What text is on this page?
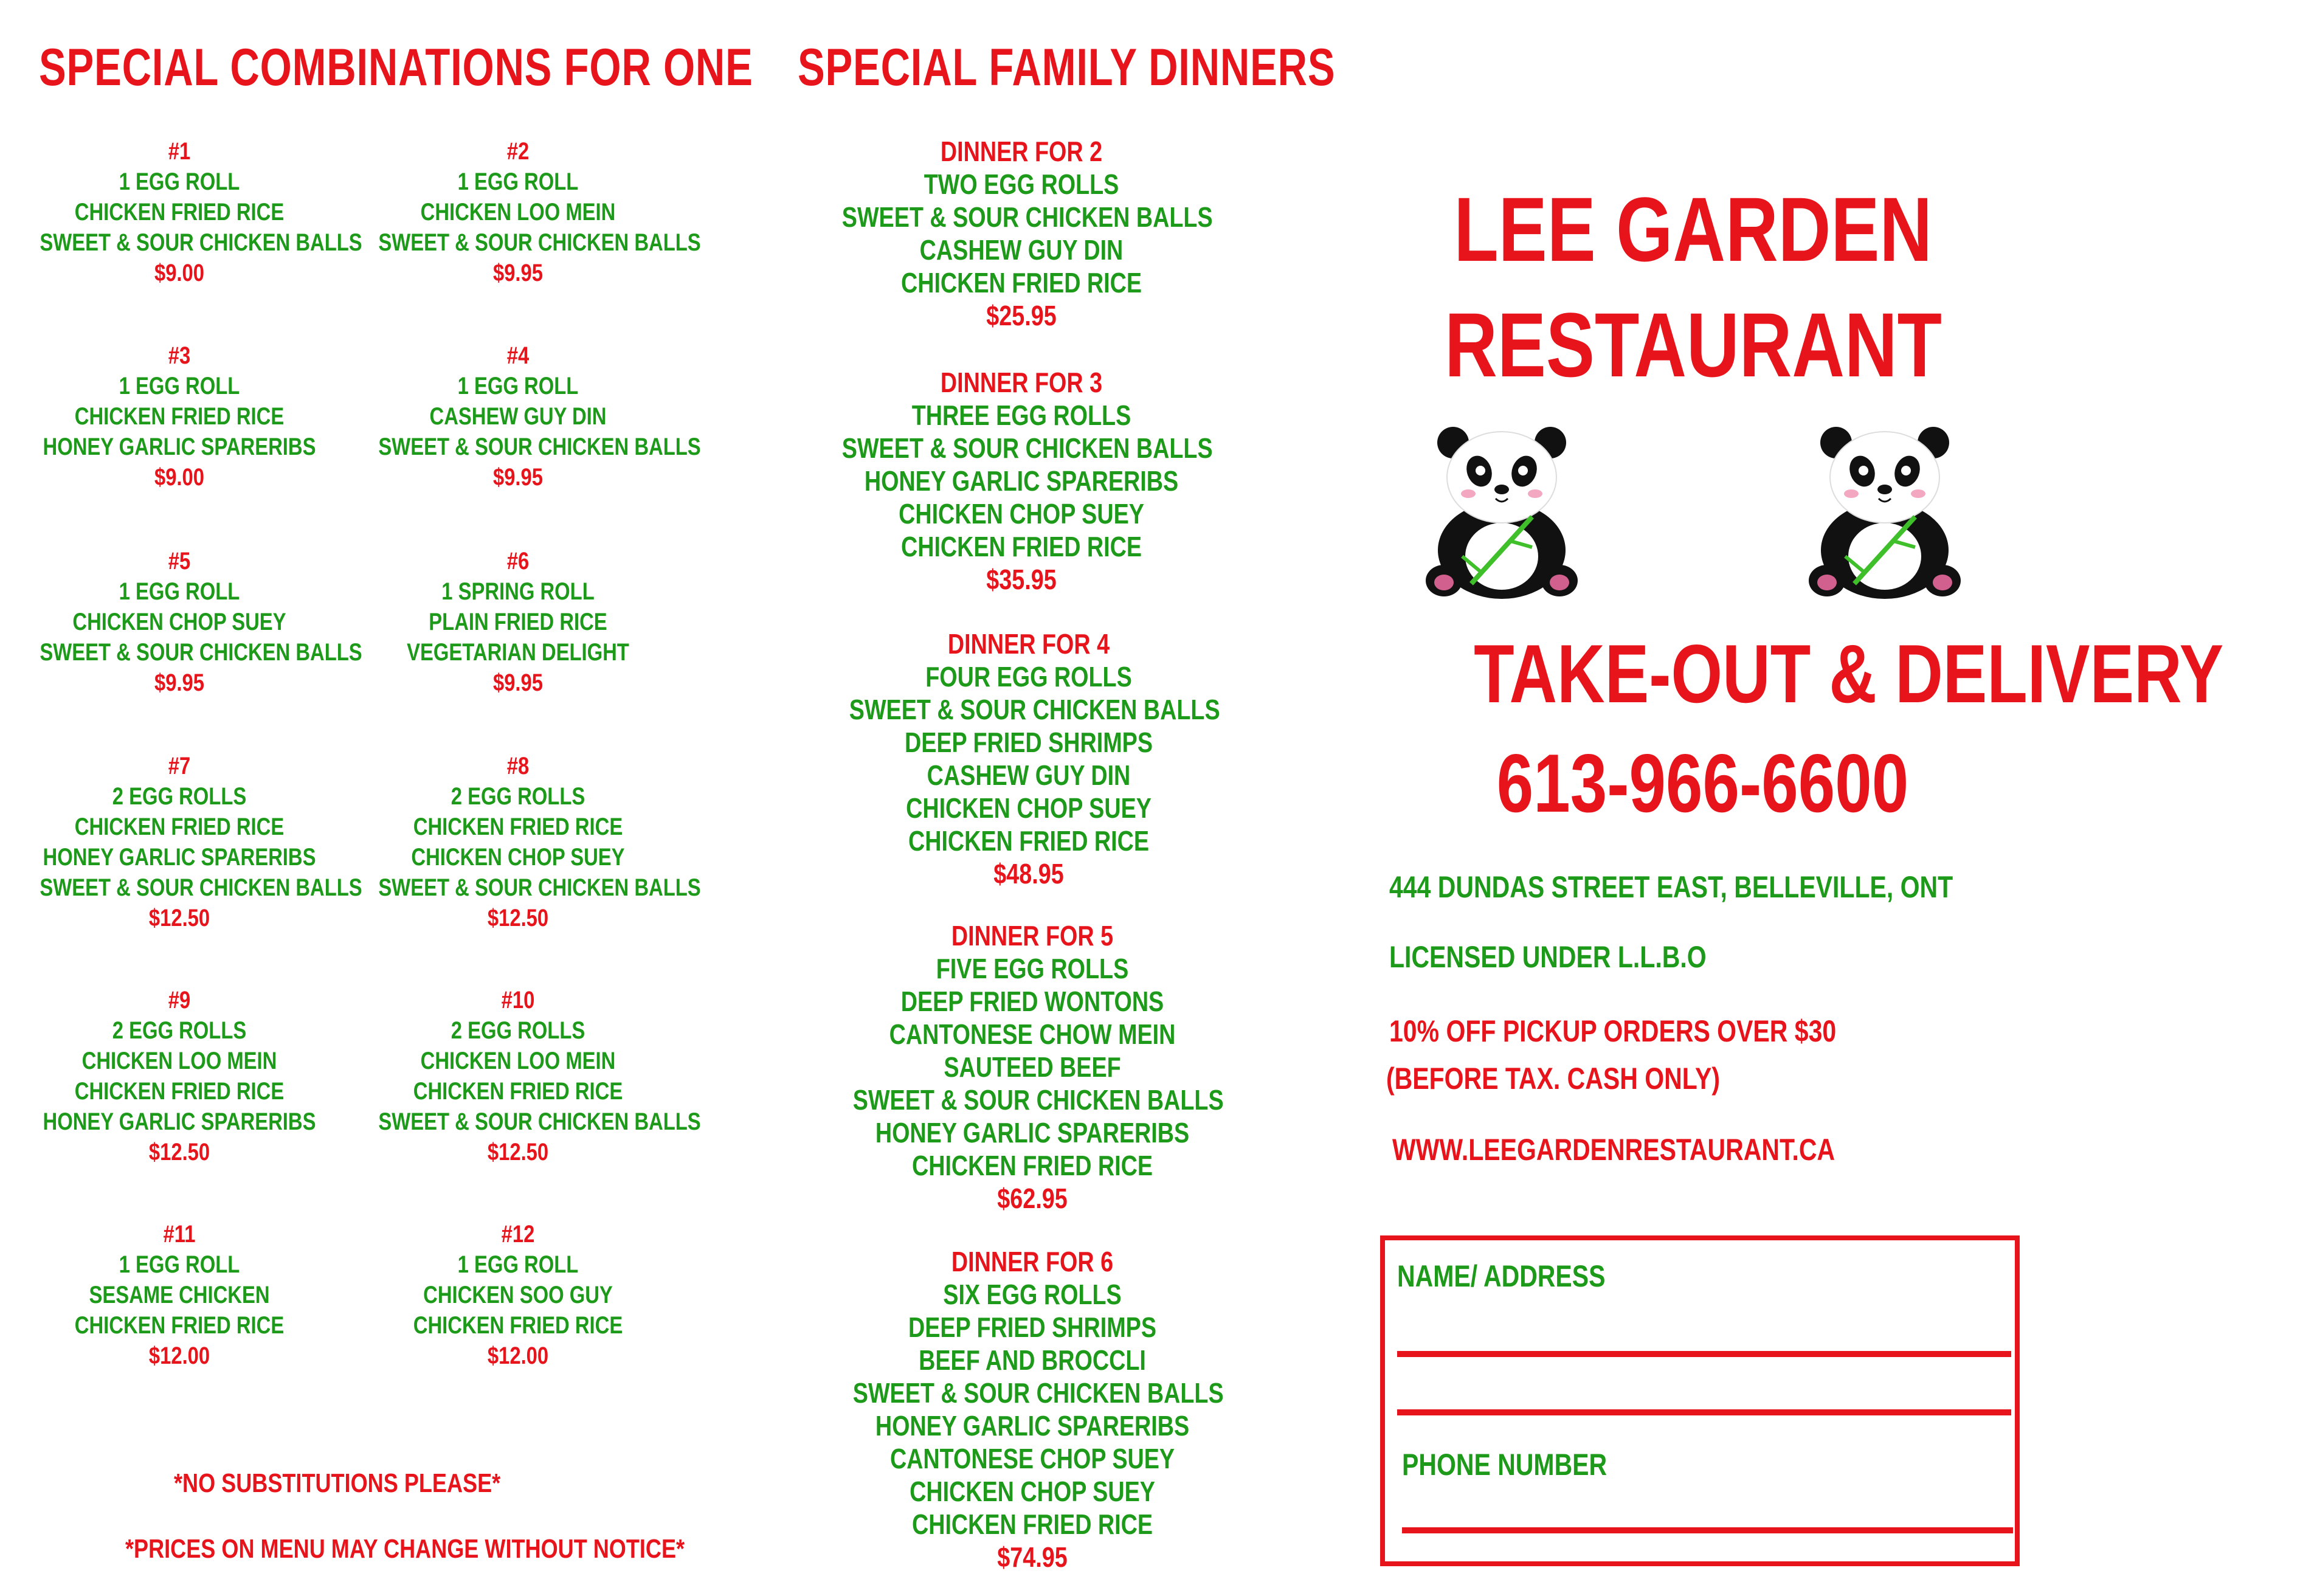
SPECIAL COMBINATIONS FOR ONE SPECIAL FAMILY DINNERS
#1
1 EGG ROLL
CHICKEN FRIED RICE
SWEET & SOUR CHICKEN BALLS
$9.00
#2
1 EGG ROLL
CHICKEN LOO MEIN
SWEET & SOUR CHICKEN BALLS
$9.95
#3
1 EGG ROLL
CHICKEN FRIED RICE
HONEY GARLIC SPARERIBS
$9.00
#4
1 EGG ROLL
CASHEW GUY DIN
SWEET & SOUR CHICKEN BALLS
$9.95
#5
1 EGG ROLL
CHICKEN CHOP SUEY
SWEET & SOUR CHICKEN BALLS
$9.95
#6
1 SPRING ROLL
PLAIN FRIED RICE
VEGETARIAN DELIGHT
$9.95
#7
2 EGG ROLLS
CHICKEN FRIED RICE
HONEY GARLIC SPARERIBS
SWEET & SOUR CHICKEN BALLS
$12.50
#8
2 EGG ROLLS
CHICKEN FRIED RICE
CHICKEN CHOP SUEY
SWEET & SOUR CHICKEN BALLS
$12.50
#9
2 EGG ROLLS
CHICKEN LOO MEIN
CHICKEN FRIED RICE
HONEY GARLIC SPARERIBS
$12.50
#10
2 EGG ROLLS
CHICKEN LOO MEIN
CHICKEN FRIED RICE
SWEET & SOUR CHICKEN BALLS
$12.50
#11
1 EGG ROLL
SESAME CHICKEN
CHICKEN FRIED RICE
$12.00
#12
1 EGG ROLL
CHICKEN SOO GUY
CHICKEN FRIED RICE
$12.00
*NO SUBSTITUTIONS PLEASE*
*PRICES ON MENU MAY CHANGE WITHOUT NOTICE*
DINNER FOR 2
TWO EGG ROLLS
SWEET & SOUR CHICKEN BALLS
CASHEW GUY DIN
CHICKEN FRIED RICE
$25.95
DINNER FOR 3
THREE EGG ROLLS
SWEET & SOUR CHICKEN BALLS
HONEY GARLIC SPARERIBS
CHICKEN CHOP SUEY
CHICKEN FRIED RICE
$35.95
DINNER FOR 4
FOUR EGG ROLLS
SWEET & SOUR CHICKEN BALLS
DEEP FRIED SHRIMPS
CASHEW GUY DIN
CHICKEN CHOP SUEY
CHICKEN FRIED RICE
$48.95
DINNER FOR 5
FIVE EGG ROLLS
DEEP FRIED WONTONS
CANTONESE CHOW MEIN
SAUTEED BEEF
SWEET & SOUR CHICKEN BALLS
HONEY GARLIC SPARERIBS
CHICKEN FRIED RICE
$62.95
DINNER FOR 6
SIX EGG ROLLS
DEEP FRIED SHRIMPS
BEEF AND BROCCLI
SWEET & SOUR CHICKEN BALLS
HONEY GARLIC SPARERIBS
CANTONESE CHOP SUEY
CHICKEN CHOP SUEY
CHICKEN FRIED RICE
$74.95
LEE GARDEN
RESTAURANT
TAKE-OUT & DELIVERY
613-966-6600
444 DUNDAS STREET EAST, BELLEVILLE, ONT
LICENSED UNDER L.L.B.O
10% OFF PICKUP ORDERS OVER $30
(BEFORE TAX. CASH ONLY)
WWW.LEEGARDENRESTAURANT.CA
NAME/ ADDRESS
PHONE NUMBER
